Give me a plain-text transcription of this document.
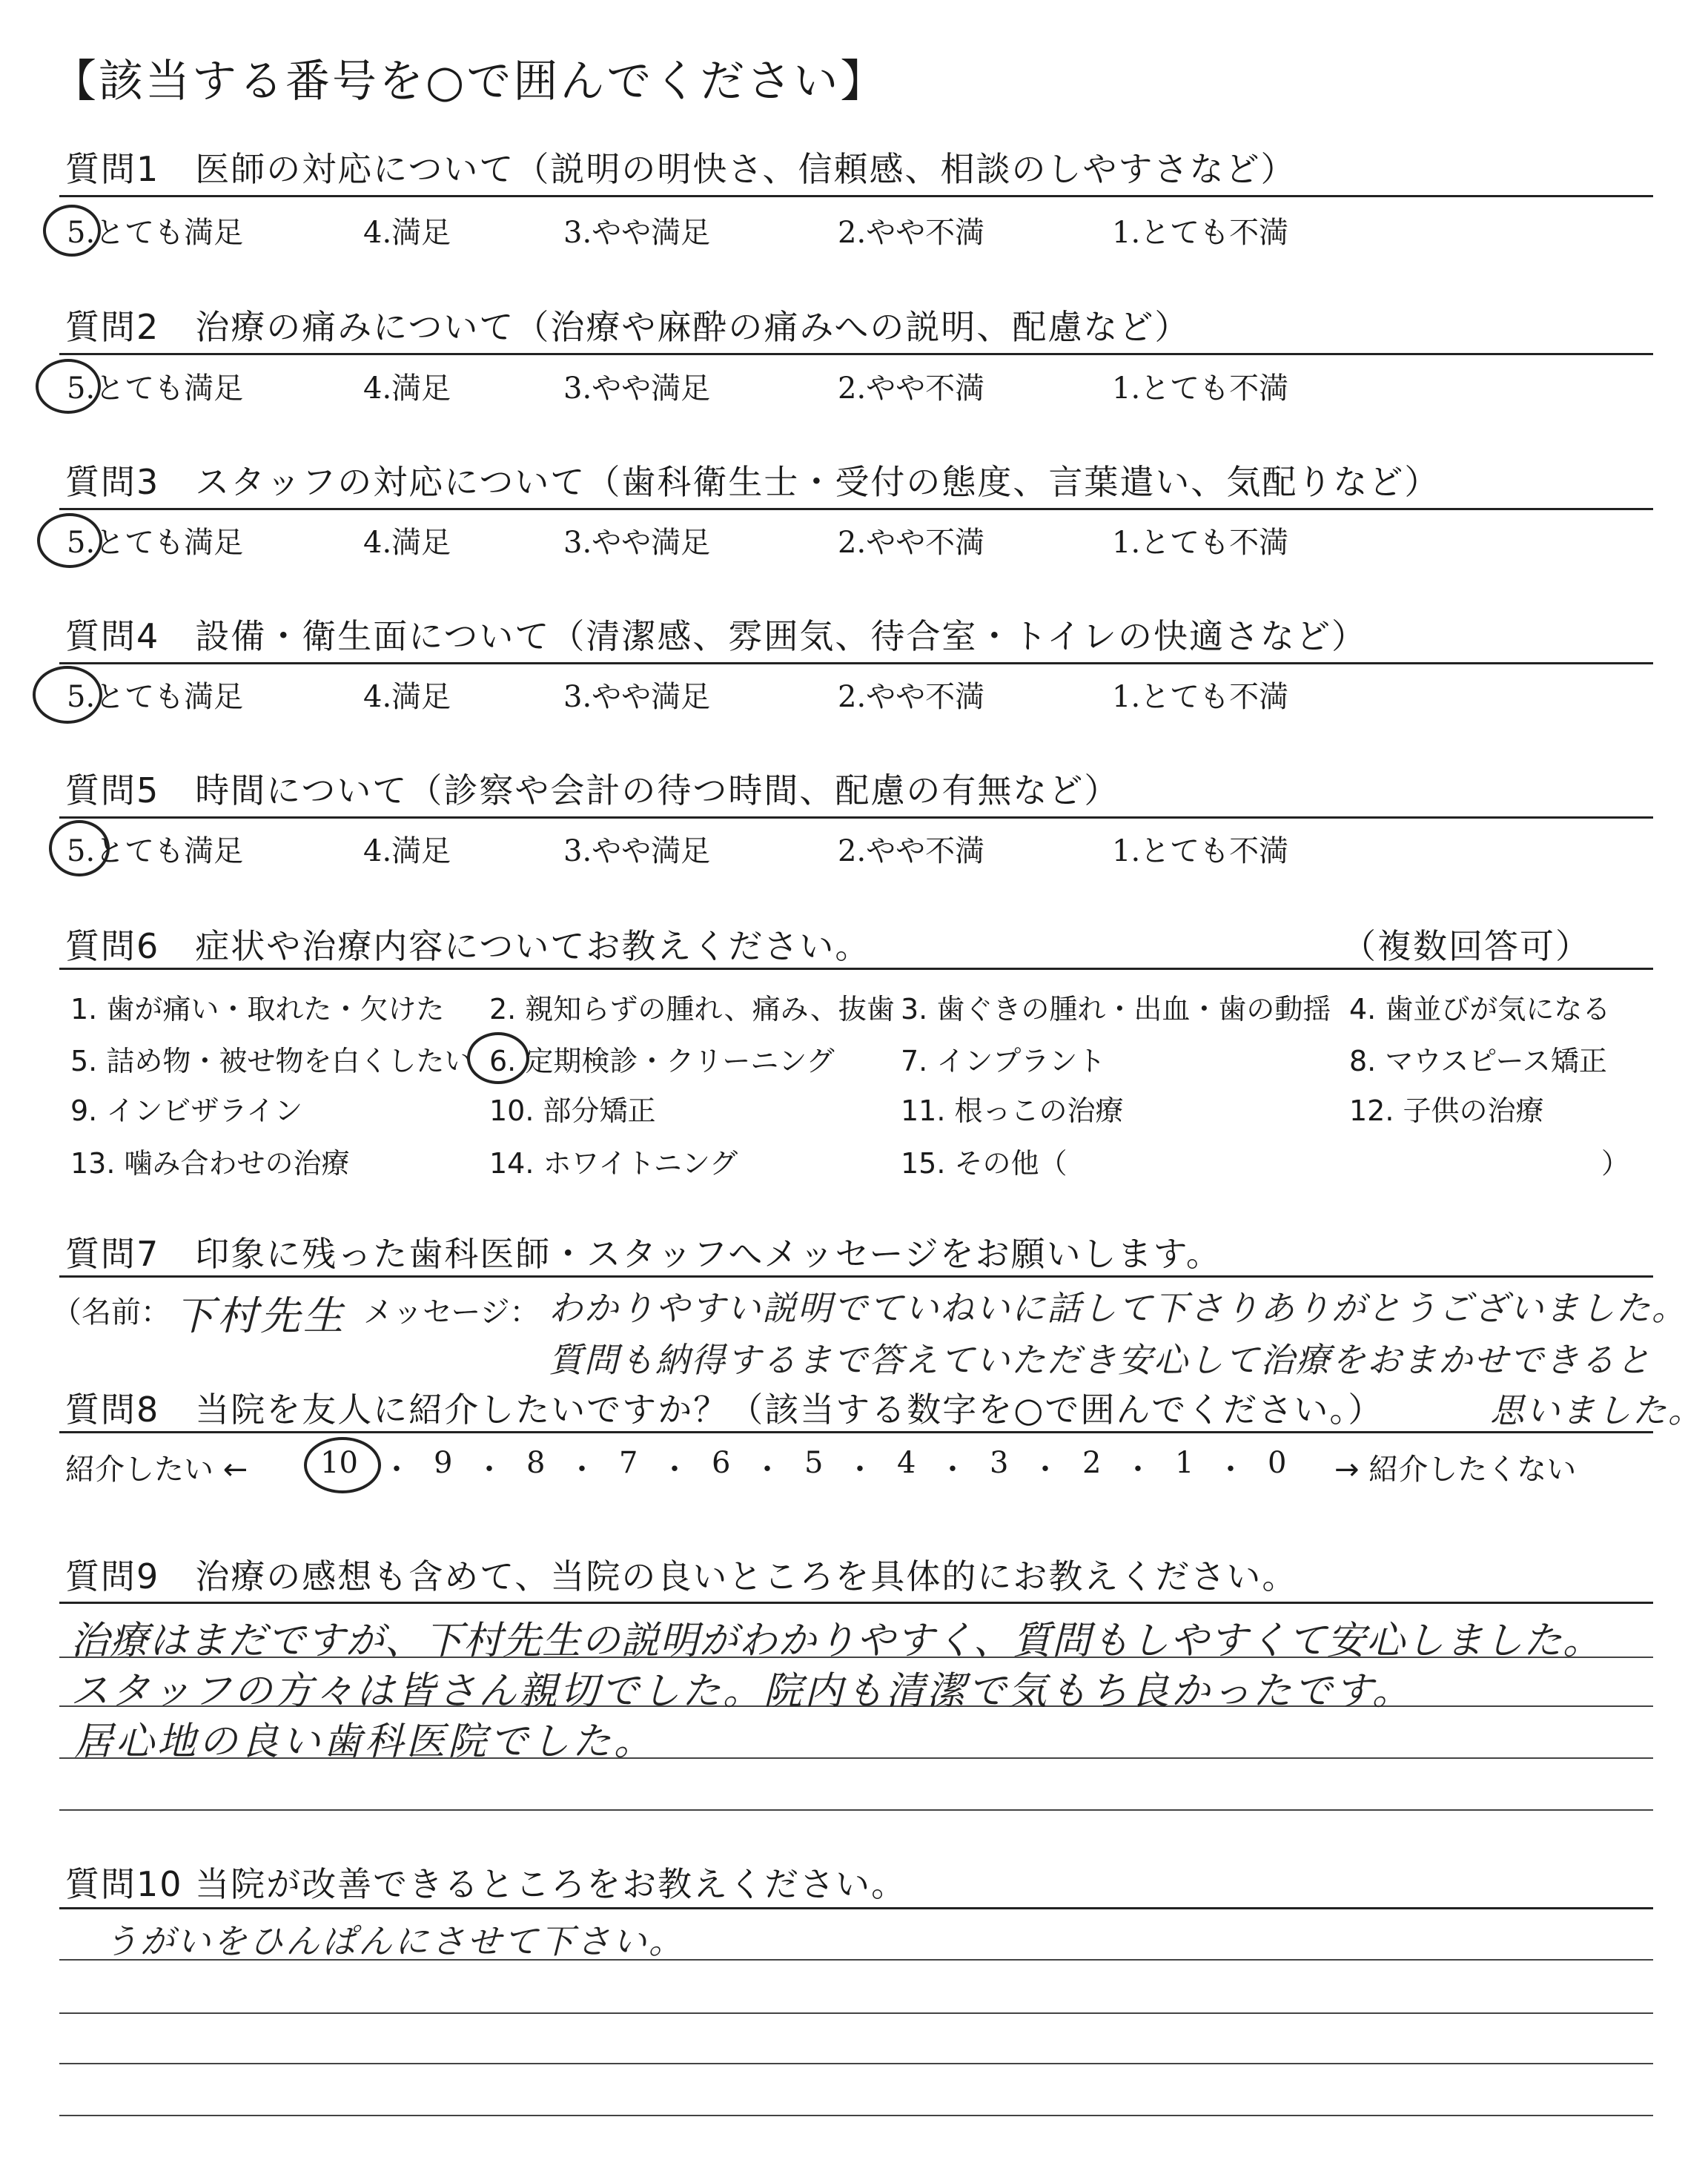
【該当する番号を○で囲んでください】
質問1　医師の対応について（説明の明快さ、信頼感、相談のしやすさなど）
5.とても満足	4.満足	3.やや満足	2.やや不満	1.とても不満
質問2　治療の痛みについて（治療や麻酔の痛みへの説明、配慮など）
5.とても満足	4.満足	3.やや満足	2.やや不満	1.とても不満
質問3　スタッフの対応について（歯科衛生士・受付の態度、言葉遣い、気配りなど）
5.とても満足	4.満足	3.やや満足	2.やや不満	1.とても不満
質問4　設備・衛生面について（清潔感、雰囲気、待合室・トイレの快適さなど）
5.とても満足	4.満足	3.やや満足	2.やや不満	1.とても不満
質問5　時間について（診察や会計の待つ時間、配慮の有無など）
5.とても満足	4.満足	3.やや満足	2.やや不満	1.とても不満
質問6　症状や治療内容についてお教えください。	（複数回答可）
1. 歯が痛い・取れた・欠けた 2. 親知らずの腫れ、痛み、抜歯 3. 歯ぐきの腫れ・出血・歯の動揺 4. 歯並びが気になる
5. 詰め物・被せ物を白くしたい 6. 定期検診・クリーニング 7. インプラント	8. マウスピース矯正
9. インビザライン	10. 部分矯正	11. 根っこの治療	12. 子供の治療
13. 噛み合わせの治療	14. ホワイトニング	15. その他（	）
質問7　印象に残った歯科医師・スタッフへメッセージをお願いします。
（名前： 下村先生 メッセージ： わかりやすい説明でていねいに話して下さりありがとうございました。
質問も納得するまで答えていただき安心して治療をおまかせできると
思いました。
質問8　当院を友人に紹介したいですか？（該当する数字を○で囲んでください。）
紹介したい ← 10 ・ 9 ・ 8 ・ 7 ・ 6 ・ 5 ・ 4 ・ 3 ・ 2 ・ 1 ・ 0 → 紹介したくない
質問9　治療の感想も含めて、当院の良いところを具体的にお教えください。
治療はまだですが、下村先生の説明がわかりやすく、質問もしやすくて安心しました。
スタッフの方々は皆さん親切でした。院内も清潔で気もち良かったです。
居心地の良い歯科医院でした。
質問10 当院が改善できるところをお教えください。
うがいをひんぱんにさせて下さい。
